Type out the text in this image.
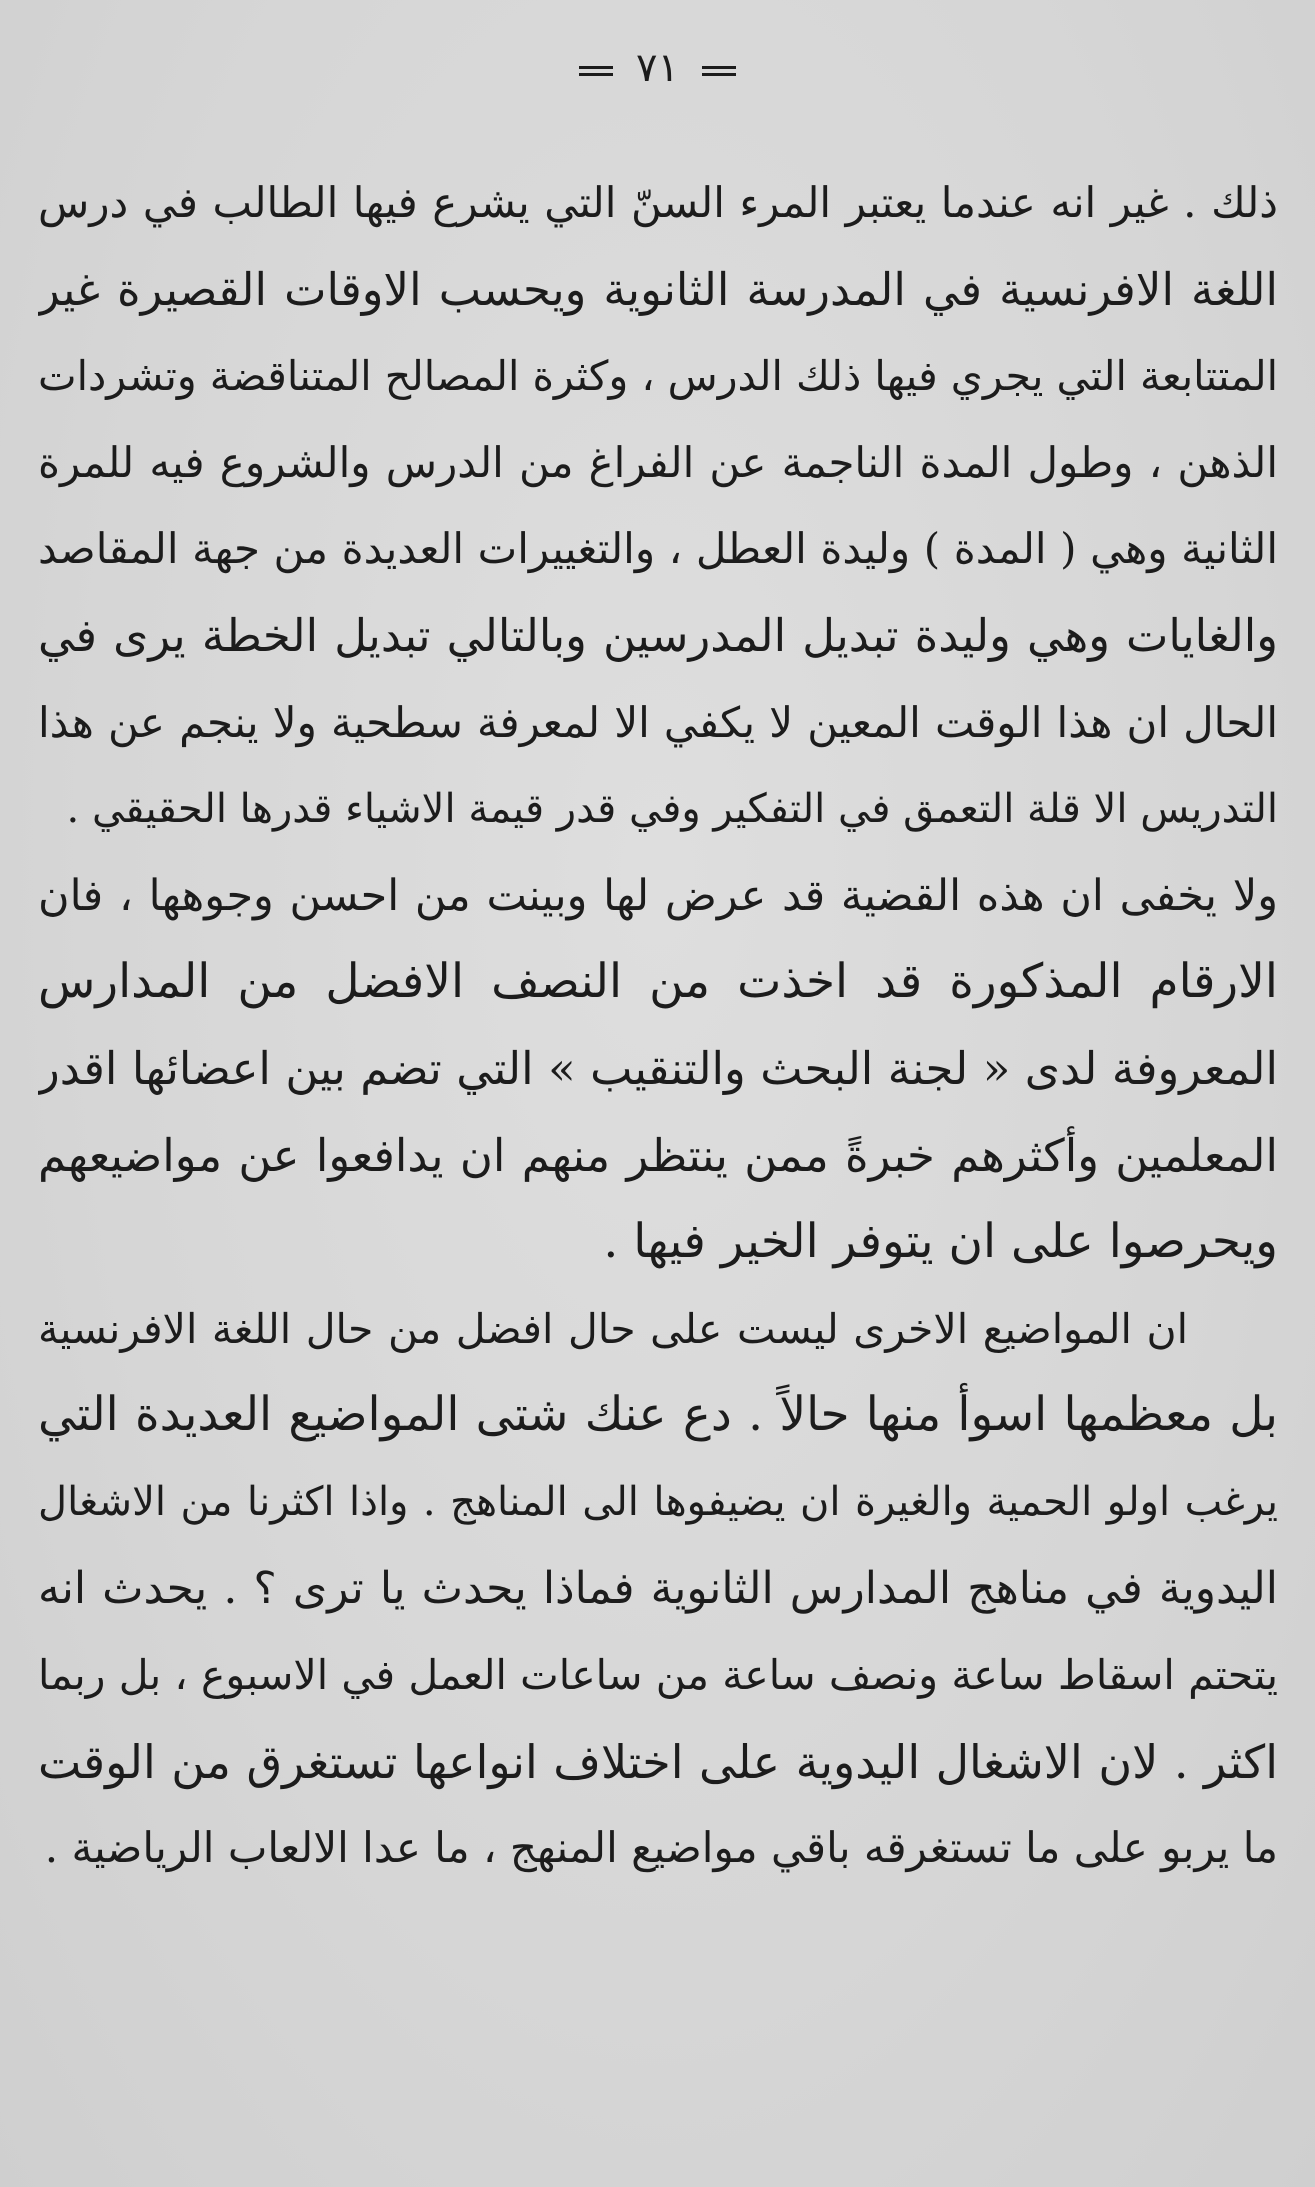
٧١
ذلك . غير انه عندما يعتبر المرء السنّ التي يشرع فيها الطالب في درس
اللغة الافرنسية في المدرسة الثانوية ويحسب الاوقات القصيرة غير
المتتابعة التي يجري فيها ذلك الدرس ، وكثرة المصالح المتناقضة وتشردات
الذهن ، وطول المدة الناجمة عن الفراغ من الدرس والشروع فيه للمرة
الثانية وهي ( المدة ) وليدة العطل ، والتغييرات العديدة من جهة المقاصد
والغايات وهي وليدة تبديل المدرسين وبالتالي تبديل الخطة يرى في
الحال ان هذا الوقت المعين لا يكفي الا لمعرفة سطحية ولا ينجم عن هذا
التدريس الا قلة التعمق في التفكير وفي قدر قيمة الاشياء قدرها الحقيقي .
ولا يخفى ان هذه القضية قد عرض لها وبينت من احسن وجوهها ، فان
الارقام المذكورة قد اخذت من النصف الافضل من المدارس
المعروفة لدى « لجنة البحث والتنقيب » التي تضم بين اعضائها اقدر
المعلمين وأكثرهم خبرةً ممن ينتظر منهم ان يدافعوا عن مواضيعهم
ويحرصوا على ان يتوفر الخير فيها .
ان المواضيع الاخرى ليست على حال افضل من حال اللغة الافرنسية
بل معظمها اسوأ منها حالاً . دع عنك شتى المواضيع العديدة التي
يرغب اولو الحمية والغيرة ان يضيفوها الى المناهج . واذا اكثرنا من الاشغال
اليدوية في مناهج المدارس الثانوية فماذا يحدث يا ترى ؟ . يحدث انه
يتحتم اسقاط ساعة ونصف ساعة من ساعات العمل في الاسبوع ، بل ربما
اكثر . لان الاشغال اليدوية على اختلاف انواعها تستغرق من الوقت
ما يربو على ما تستغرقه باقي مواضيع المنهج ، ما عدا الالعاب الرياضية .
